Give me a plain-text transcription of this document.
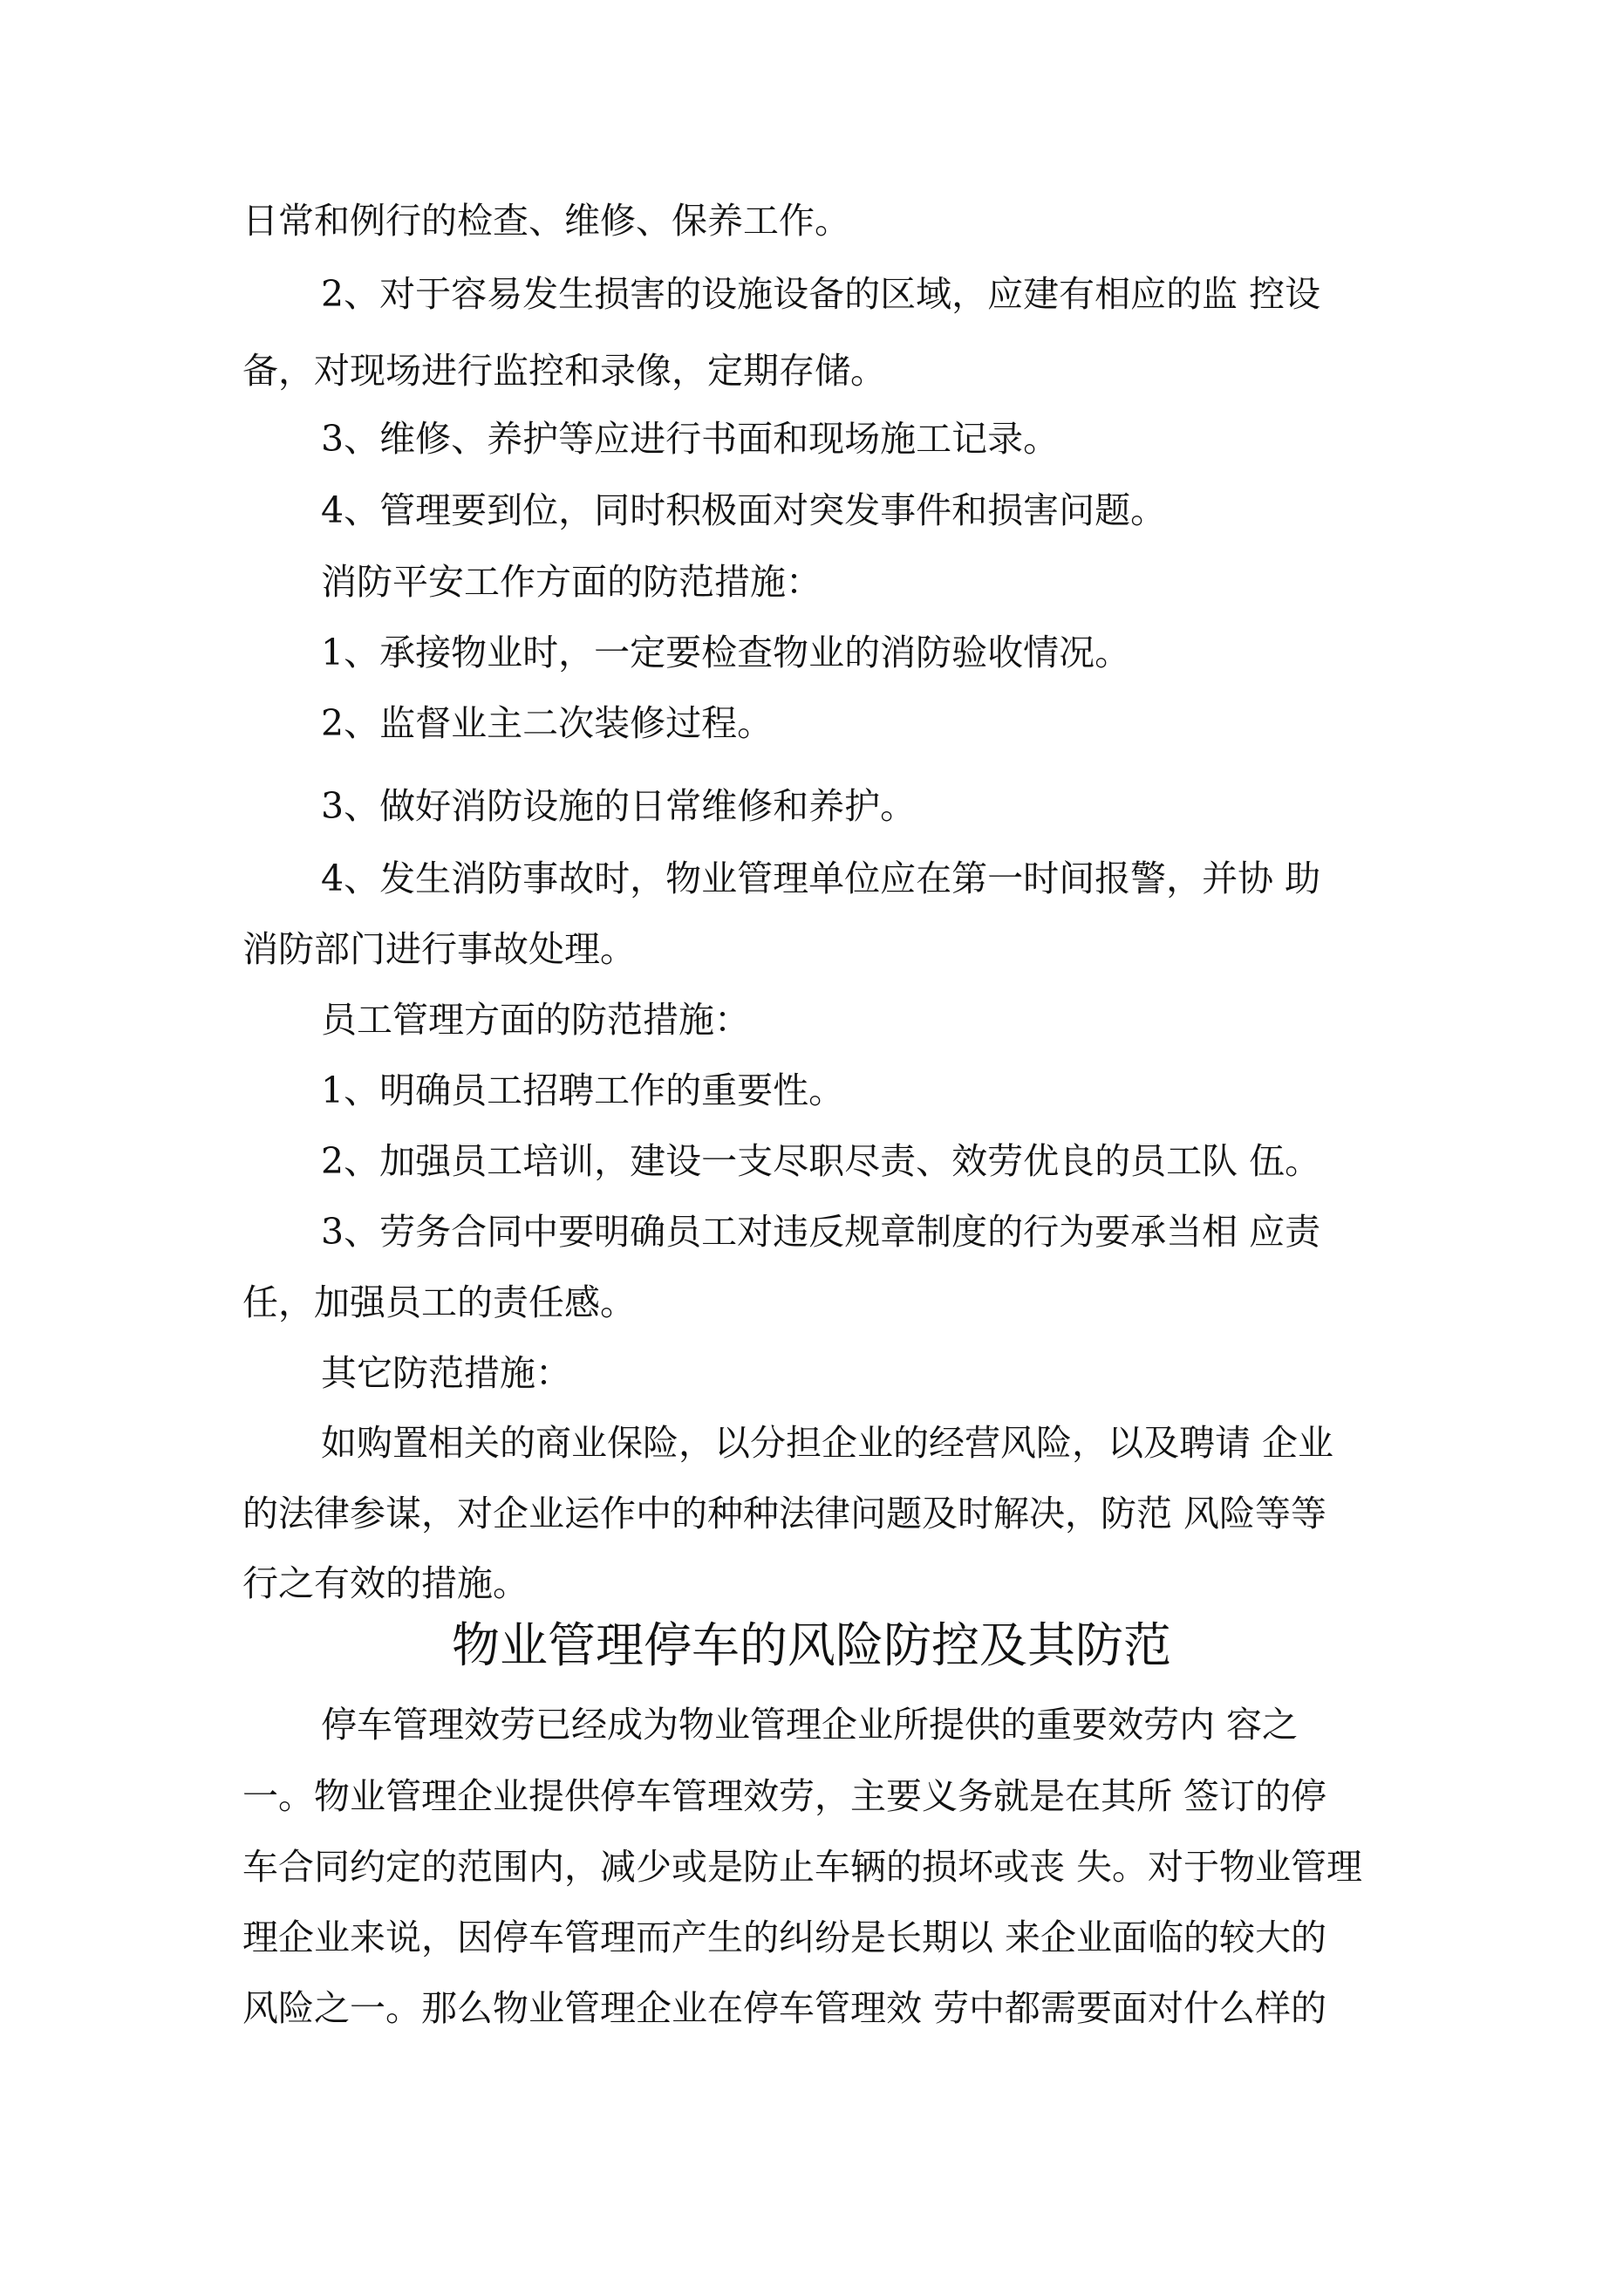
日常和例行的检查、维修、保养工作。
2、对于容易发生损害的设施设备的区域，应建有相应的监 控设
备，对现场进行监控和录像，定期存储。
3、维修、养护等应进行书面和现场施工记录。
4、管理要到位，同时积极面对突发事件和损害问题。
消防平安工作方面的防范措施：
1、承接物业时，一定要检查物业的消防验收情况。
2、监督业主二次装修过程。
3、做好消防设施的日常维修和养护。
4、发生消防事故时，物业管理单位应在第一时间报警，并协 助
消防部门进行事故处理。
员工管理方面的防范措施：
1、明确员工招聘工作的重要性。
2、加强员工培训，建设一支尽职尽责、效劳优良的员工队 伍。
3、劳务合同中要明确员工对违反规章制度的行为要承当相 应责
任，加强员工的责任感。
其它防范措施：
如购置相关的商业保险，以分担企业的经营风险，以及聘请 企业
的法律参谋，对企业运作中的种种法律问题及时解决，防范 风险等等
行之有效的措施。
物业管理停车的风险防控及其防范
停车管理效劳已经成为物业管理企业所提供的重要效劳内 容之
一。物业管理企业提供停车管理效劳，主要义务就是在其所 签订的停
车合同约定的范围内，减少或是防止车辆的损坏或丧 失。对于物业管理
理企业来说，因停车管理而产生的纠纷是长期以 来企业面临的较大的
风险之一。那么物业管理企业在停车管理效 劳中都需要面对什么样的
